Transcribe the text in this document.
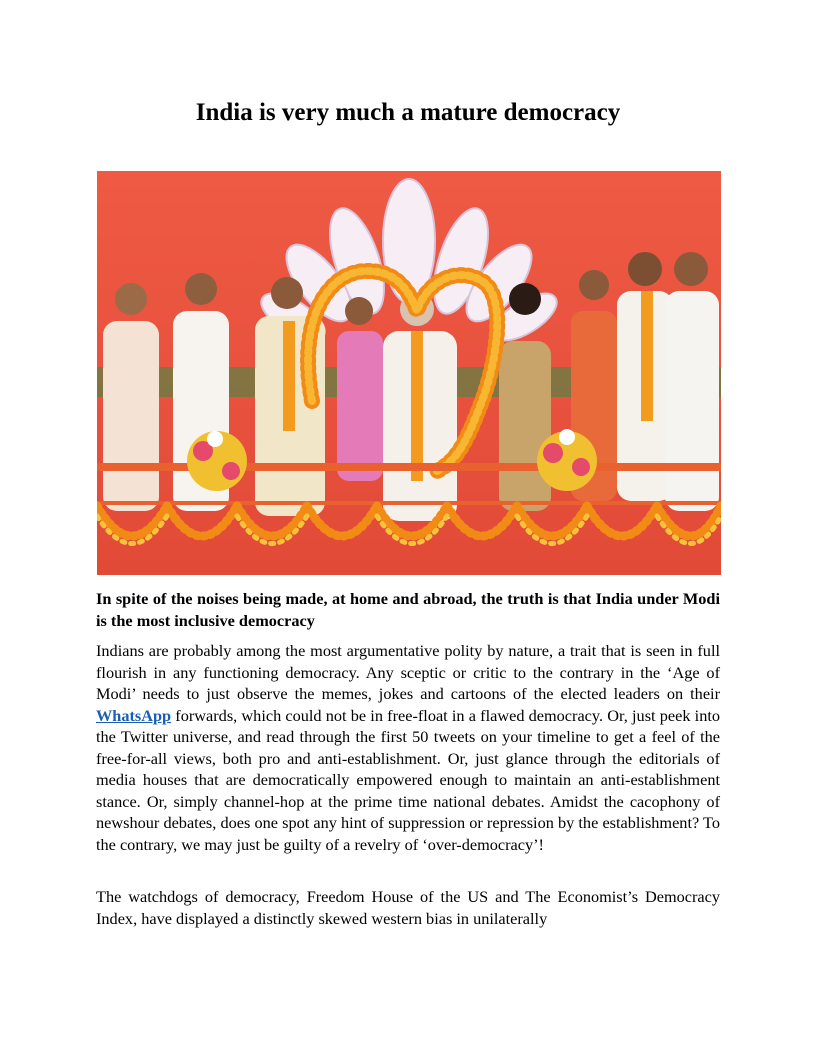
India is very much a mature democracy

In spite of the noises being made, at home and abroad, the truth is that India under Modi is the most inclusive democracy

Indians are probably among the most argumentative polity by nature, a trait that is seen in full flourish in any functioning democracy. Any sceptic or critic to the contrary in the ‘Age of Modi’ needs to just observe the memes, jokes and cartoons of the elected leaders on their WhatsApp forwards, which could not be in free-float in a flawed democracy. Or, just peek into the Twitter universe, and read through the first 50 tweets on your timeline to get a feel of the free-for-all views, both pro and anti-establishment. Or, just glance through the editorials of media houses that are democratically empowered enough to maintain an anti-establishment stance. Or, simply channel-hop at the prime time national debates. Amidst the cacophony of newshour debates, does one spot any hint of suppression or repression by the establishment? To the contrary, we may just be guilty of a revelry of ‘over-democracy’!

The watchdogs of democracy, Freedom House of the US and The Economist’s Democracy Index, have displayed a distinctly skewed western bias in unilaterally
